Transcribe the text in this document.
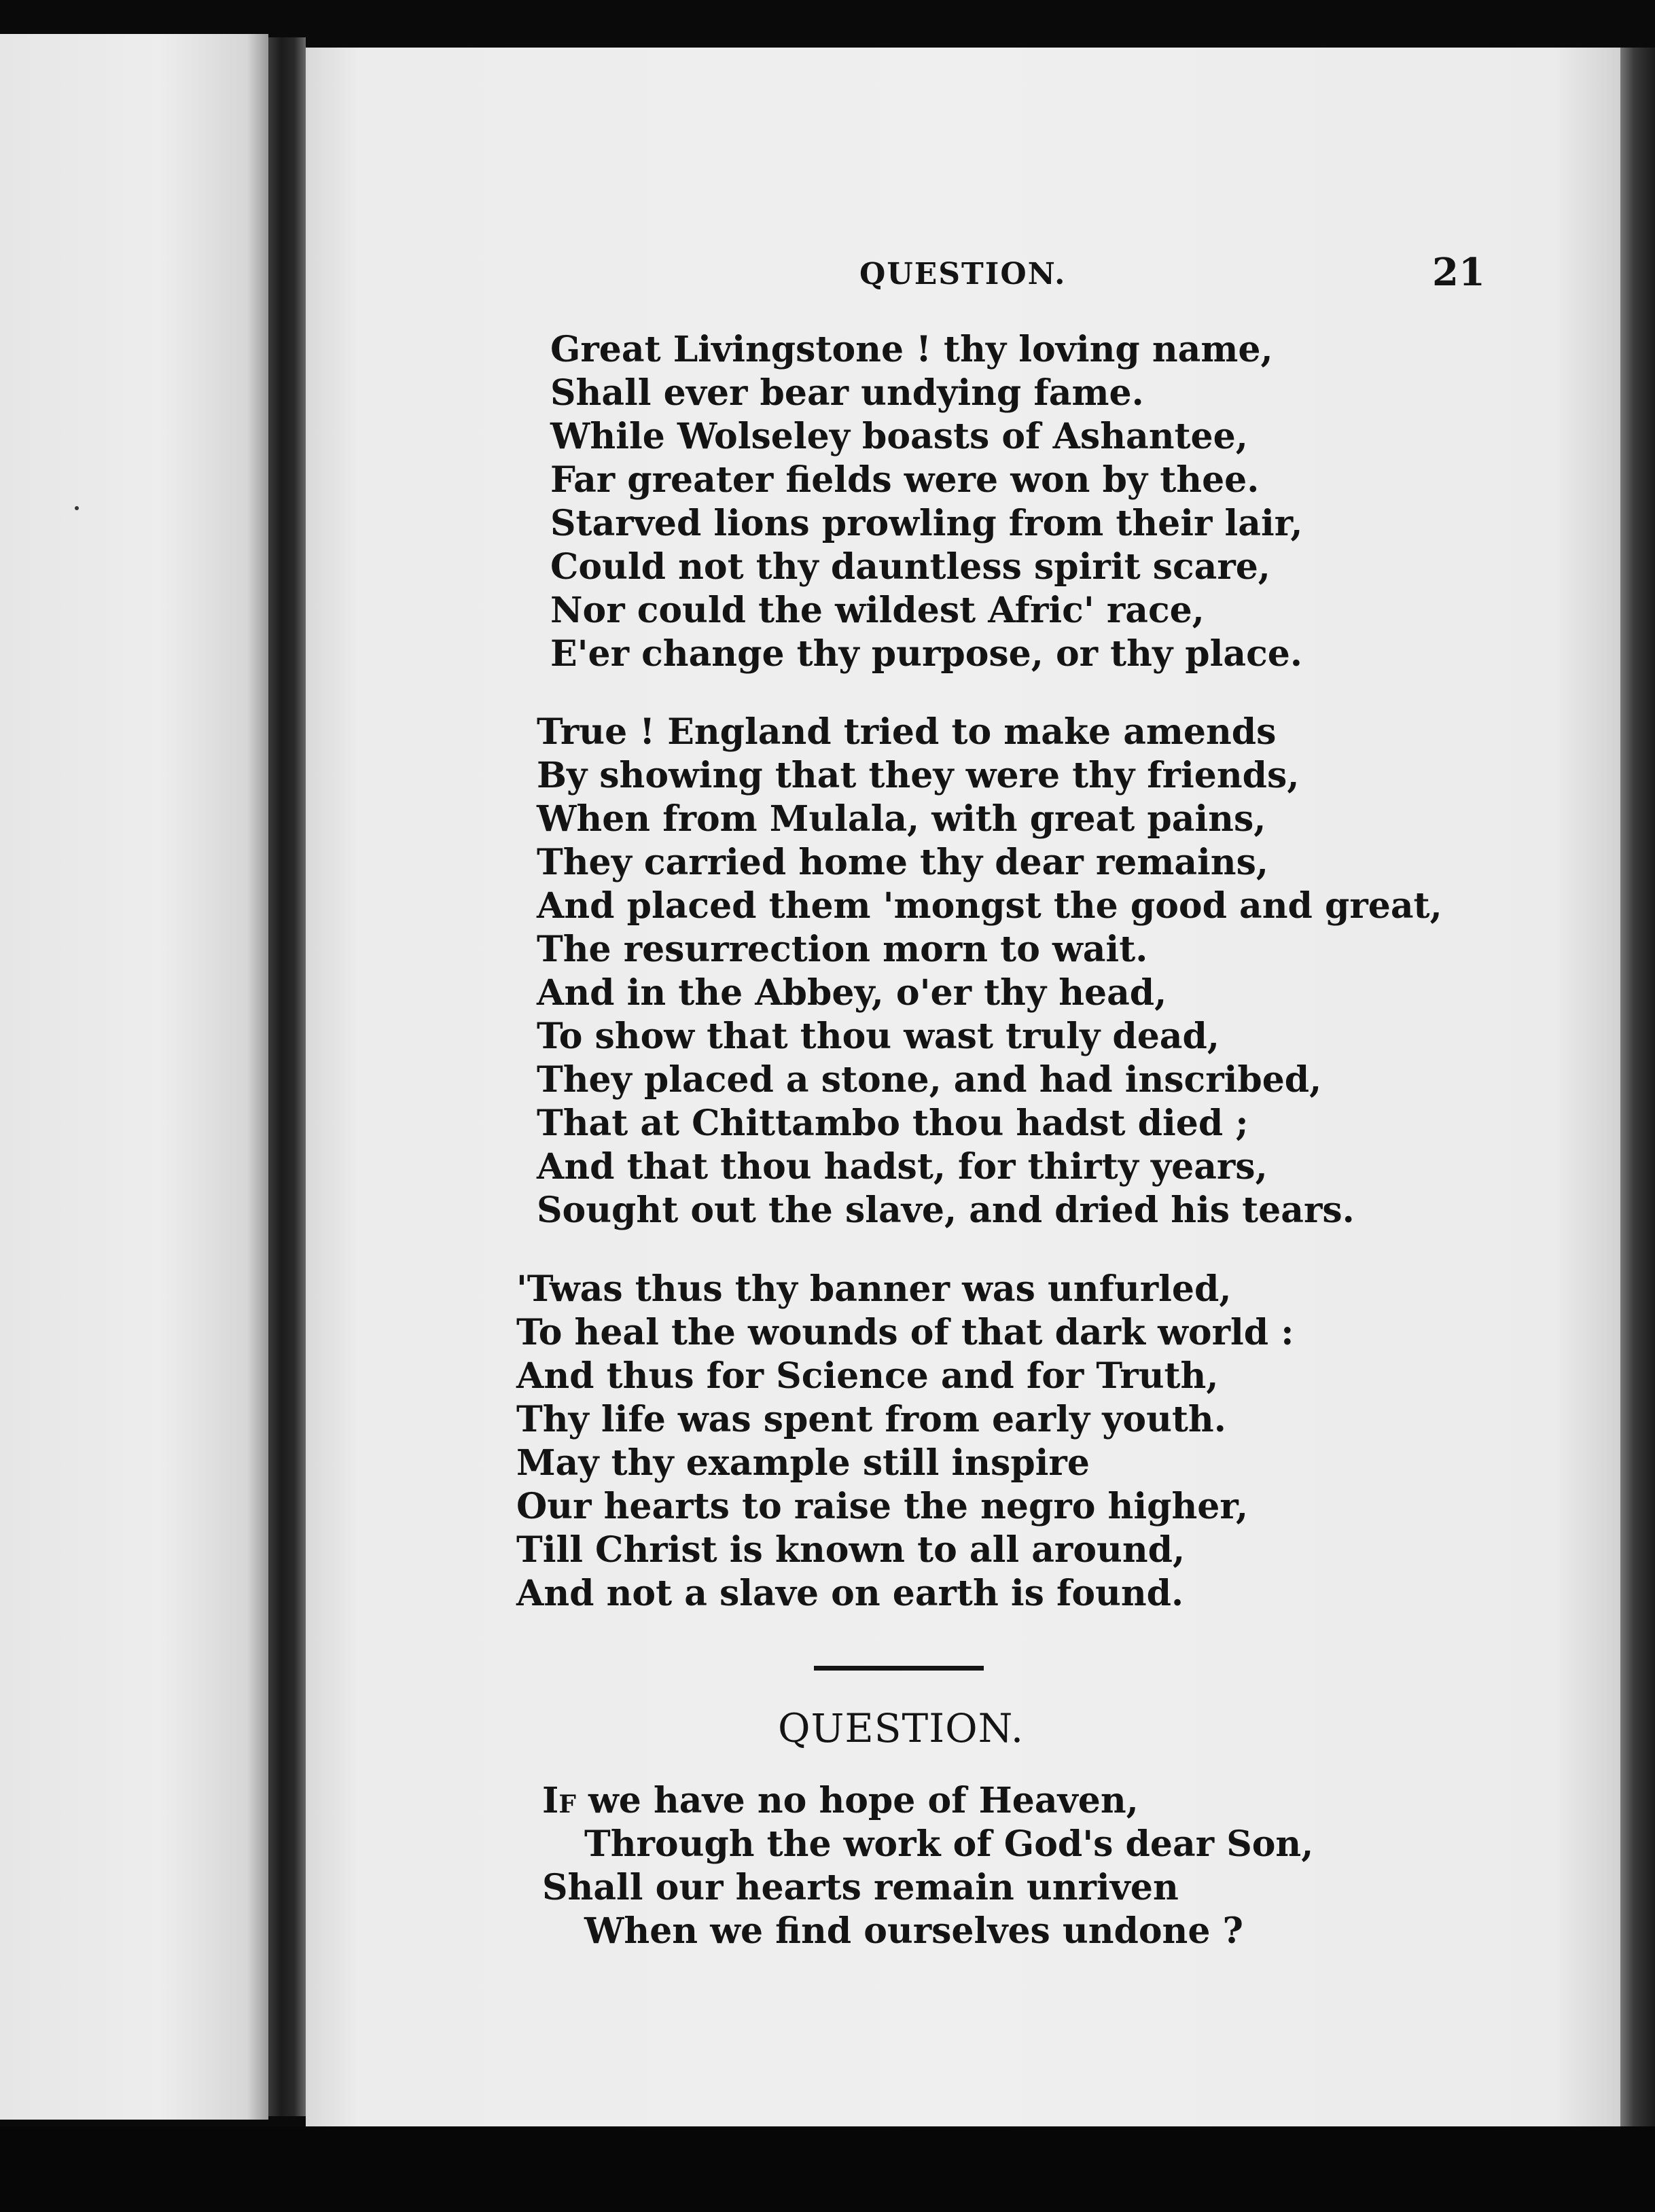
QUESTION.	21
Great Livingstone ! thy loving name,
Shall ever bear undying fame.
While Wolseley boasts of Ashantee,
Far greater fields were won by thee.
Starved lions prowling from their lair,
Could not thy dauntless spirit scare,
Nor could the wildest Afric' race,
E'er change thy purpose, or thy place.
True ! England tried to make amends
By showing that they were thy friends,
When from Mulala, with great pains,
They carried home thy dear remains,
And placed them 'mongst the good and great,
The resurrection morn to wait.
And in the Abbey, o'er thy head,
To show that thou wast truly dead,
They placed a stone, and had inscribed,
That at Chittambo thou hadst died ;
And that thou hadst, for thirty years,
Sought out the slave, and dried his tears.
'Twas thus thy banner was unfurled,
To heal the wounds of that dark world :
And thus for Science and for Truth,
Thy life was spent from early youth.
May thy example still inspire
Our hearts to raise the negro higher,
Till Christ is known to all around,
And not a slave on earth is found.
QUESTION.
If we have no hope of Heaven,
Through the work of God's dear Son,
Shall our hearts remain unriven
When we find ourselves undone ?
